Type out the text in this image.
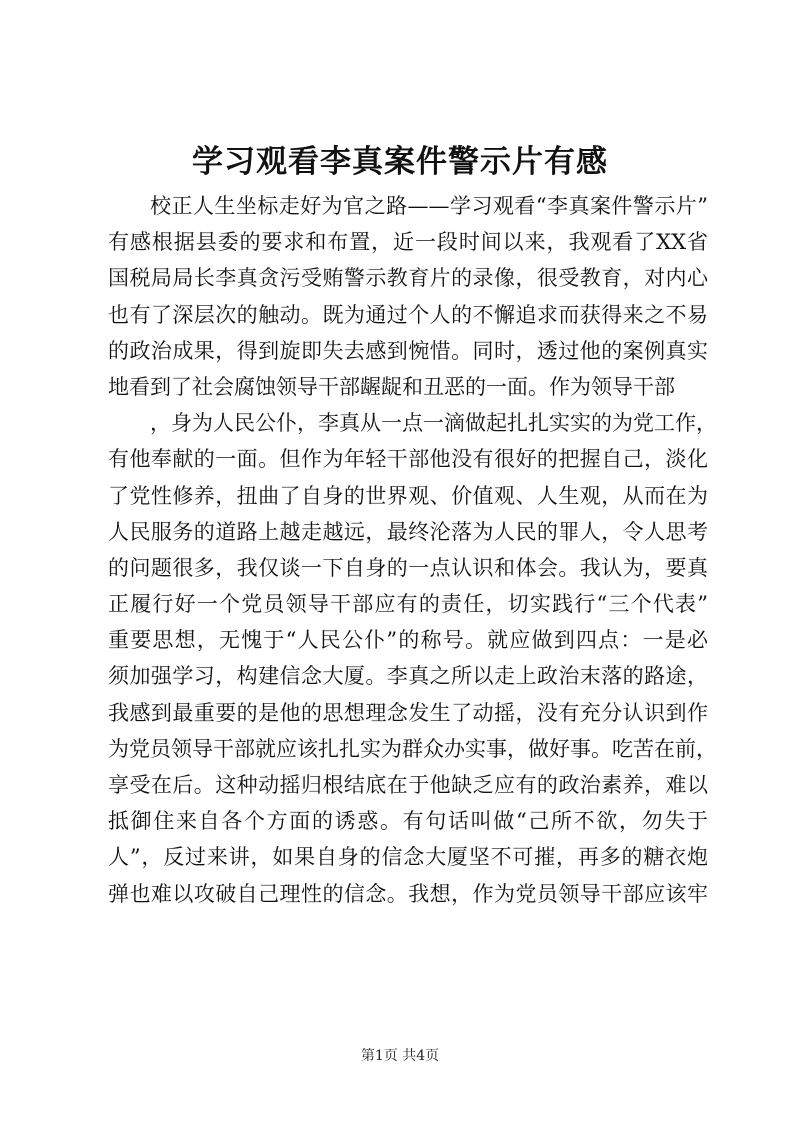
学习观看李真案件警示片有感
校正人生坐标走好为官之路——学习观看“李真案件警示片”
有感根据县委的要求和布置，近一段时间以来，我观看了XX省
国税局局长李真贪污受贿警示教育片的录像，很受教育，对内心
也有了深层次的触动。既为通过个人的不懈追求而获得来之不易
的政治成果，得到旋即失去感到惋惜。同时，透过他的案例真实
地看到了社会腐蚀领导干部龌龊和丑恶的一面。作为领导干部
，身为人民公仆，李真从一点一滴做起扎扎实实的为党工作，
有他奉献的一面。但作为年轻干部他没有很好的把握自己，淡化
了党性修养，扭曲了自身的世界观、价值观、人生观，从而在为
人民服务的道路上越走越远，最终沦落为人民的罪人，令人思考
的问题很多，我仅谈一下自身的一点认识和体会。我认为，要真
正履行好一个党员领导干部应有的责任，切实践行“三个代表”
重要思想，无愧于“人民公仆”的称号。就应做到四点：一是必
须加强学习，构建信念大厦。李真之所以走上政治末落的路途，
我感到最重要的是他的思想理念发生了动摇，没有充分认识到作
为党员领导干部就应该扎扎实为群众办实事，做好事。吃苦在前，
享受在后。这种动摇归根结底在于他缺乏应有的政治素养，难以
抵御住来自各个方面的诱惑。有句话叫做“己所不欲，勿失于
人”，反过来讲，如果自身的信念大厦坚不可摧，再多的糖衣炮
弹也难以攻破自己理性的信念。我想，作为党员领导干部应该牢
第1页 共4页
